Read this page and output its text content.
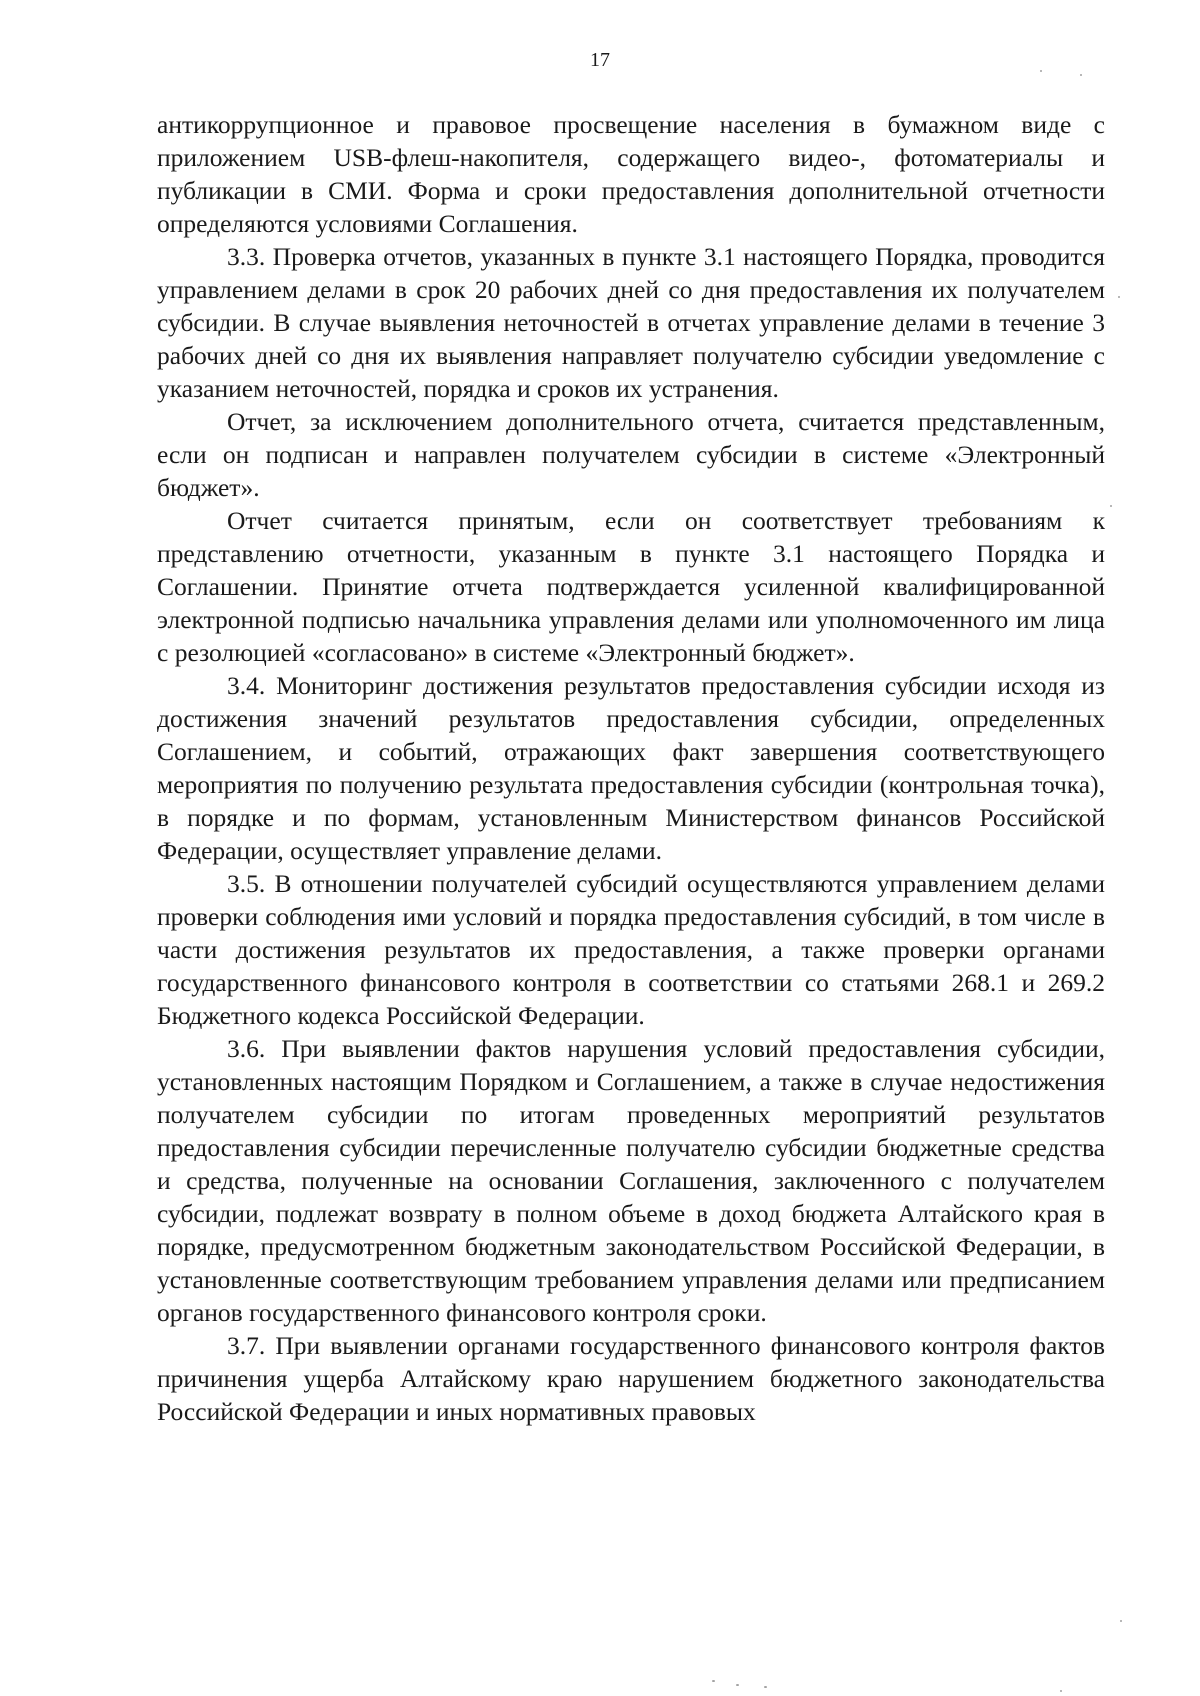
17

антикоррупционное и правовое просвещение населения в бумажном виде с приложением USB-флеш-накопителя, содержащего видео-, фотоматериалы и публикации в СМИ. Форма и сроки предоставления дополнительной отчетности определяются условиями Соглашения.

3.3. Проверка отчетов, указанных в пункте 3.1 настоящего Порядка, проводится управлением делами в срок 20 рабочих дней со дня предоставления их получателем субсидии. В случае выявления неточностей в отчетах управление делами в течение 3 рабочих дней со дня их выявления направляет получателю субсидии уведомление с указанием неточностей, порядка и сроков их устранения.

Отчет, за исключением дополнительного отчета, считается представленным, если он подписан и направлен получателем субсидии в системе «Электронный бюджет».

Отчет считается принятым, если он соответствует требованиям к представлению отчетности, указанным в пункте 3.1 настоящего Порядка и Соглашении. Принятие отчета подтверждается усиленной квалифицированной электронной подписью начальника управления делами или уполномоченного им лица с резолюцией «согласовано» в системе «Электронный бюджет».

3.4. Мониторинг достижения результатов предоставления субсидии исходя из достижения значений результатов предоставления субсидии, определенных Соглашением, и событий, отражающих факт завершения соответствующего мероприятия по получению результата предоставления субсидии (контрольная точка), в порядке и по формам, установленным Министерством финансов Российской Федерации, осуществляет управление делами.

3.5. В отношении получателей субсидий осуществляются управлением делами проверки соблюдения ими условий и порядка предоставления субсидий, в том числе в части достижения результатов их предоставления, а также проверки органами государственного финансового контроля в соответствии со статьями 268.1 и 269.2 Бюджетного кодекса Российской Федерации.

3.6. При выявлении фактов нарушения условий предоставления субсидии, установленных настоящим Порядком и Соглашением, а также в случае недостижения получателем субсидии по итогам проведенных мероприятий результатов предоставления субсидии перечисленные получателю субсидии бюджетные средства и средства, полученные на основании Соглашения, заключенного с получателем субсидии, подлежат возврату в полном объеме в доход бюджета Алтайского края в порядке, предусмотренном бюджетным законодательством Российской Федерации, в установленные соответствующим требованием управления делами или предписанием органов государственного финансового контроля сроки.

3.7. При выявлении органами государственного финансового контроля фактов причинения ущерба Алтайскому краю нарушением бюджетного законодательства Российской Федерации и иных нормативных правовых
